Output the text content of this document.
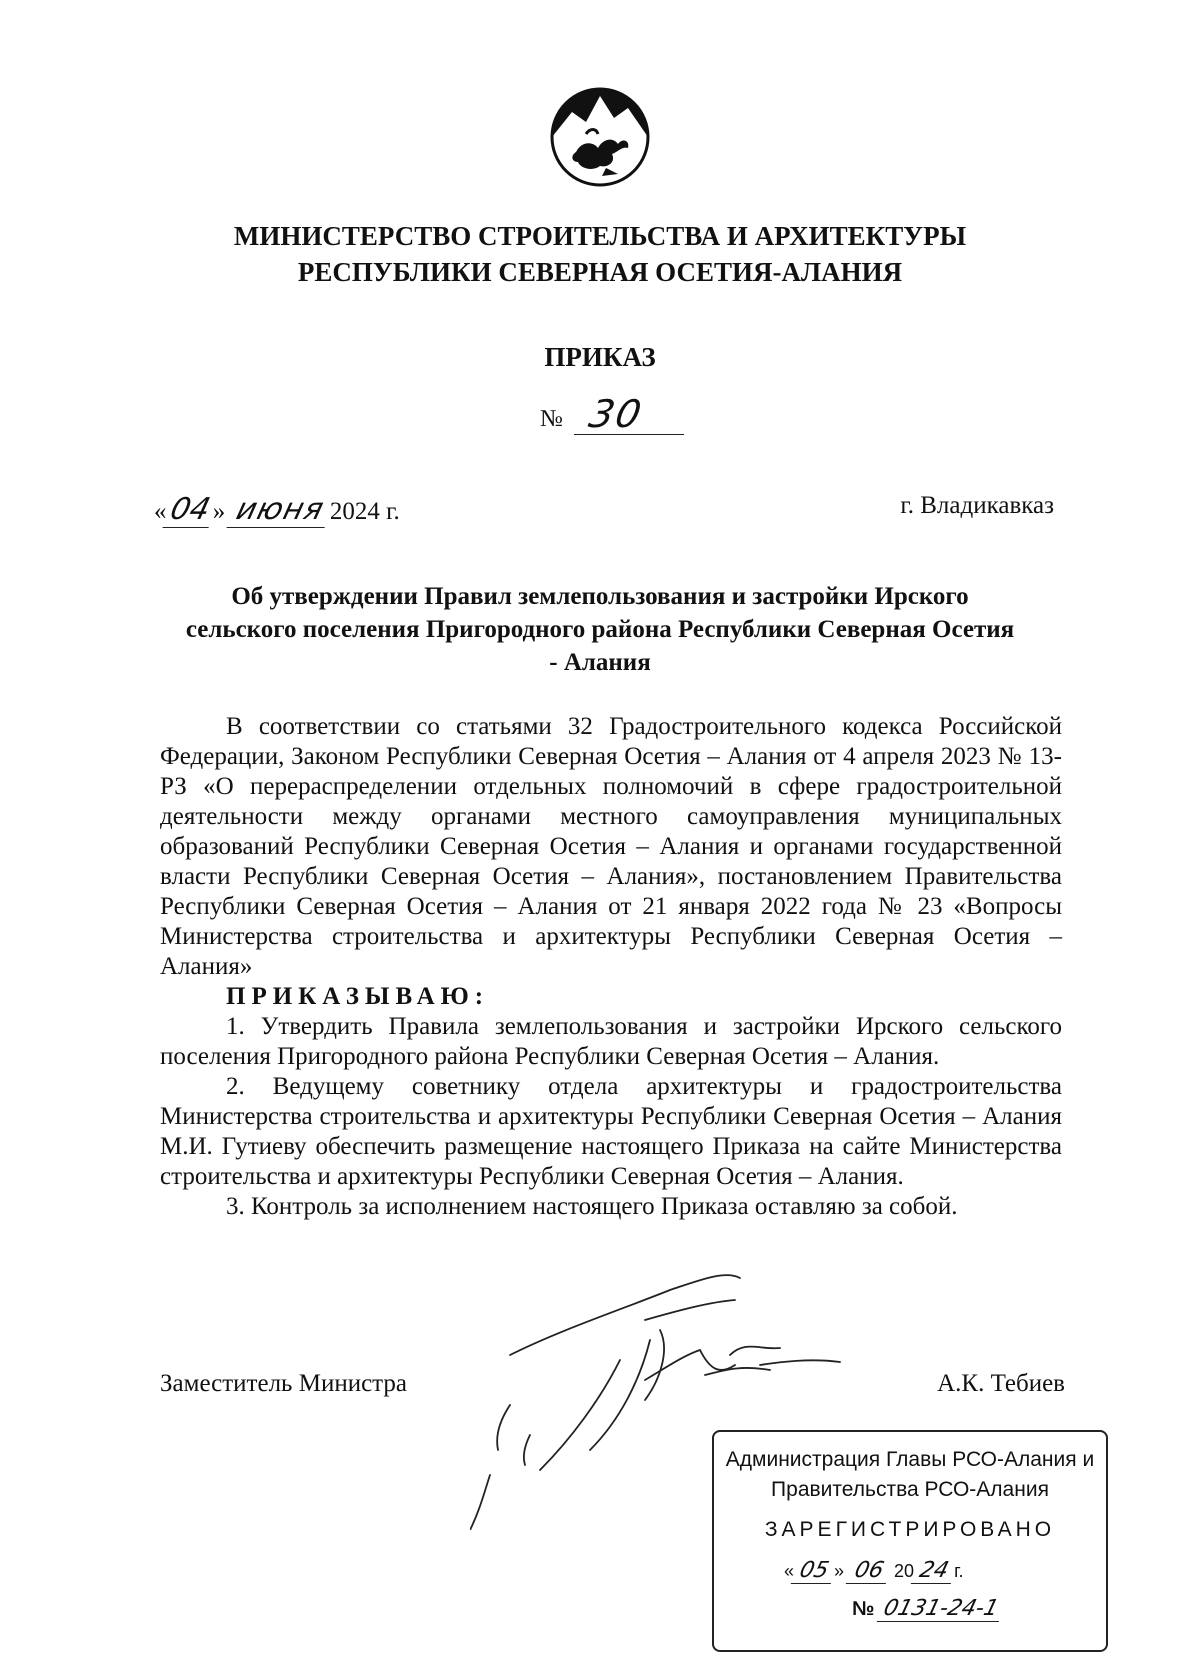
МИНИСТЕРСТВО СТРОИТЕЛЬСТВА И АРХИТЕКТУРЫ
РЕСПУБЛИКИ СЕВЕРНАЯ ОСЕТИЯ-АЛАНИЯ
ПРИКАЗ
№ 30
«04» июня2024 г.	г. Владикавказ
Об утверждении Правил землепользования и застройки Ирского
сельского поселения Пригородного района Республики Северная Осетия
- Алания

В соответствии со статьями 32 Градостроительного кодекса Российской Федерации, Законом Республики Северная Осетия – Алания от 4 апреля 2023 № 13-РЗ «О перераспределении отдельных полномочий в сфере градостроительной деятельности между органами местного самоуправления муниципальных образований Республики Северная Осетия – Алания и органами государственной власти Республики Северная Осетия – Алания», постановлением Правительства Республики Северная Осетия – Алания от 21 января 2022 года № 23 «Вопросы Министерства строительства и архитектуры Республики Северная Осетия – Алания»

ПРИКАЗЫВАЮ:

1. Утвердить Правила землепользования и застройки Ирского сельского поселения Пригородного района Республики Северная Осетия – Алания.

2. Ведущему советнику отдела архитектуры и градостроительства Министерства строительства и архитектуры Республики Северная Осетия – Алания М.И. Гутиеву обеспечить размещение настоящего Приказа на сайте Министерства строительства и архитектуры Республики Северная Осетия – Алания.

3. Контроль за исполнением настоящего Приказа оставляю за собой.

Заместитель Министра	А.К. Тебиев
Администрация Главы РСО-Алания и
Правительства РСО-Алания
ЗАРЕГИСТРИРОВАНО
« 05 » 06 20 24 г.
№ 0131-24-1
